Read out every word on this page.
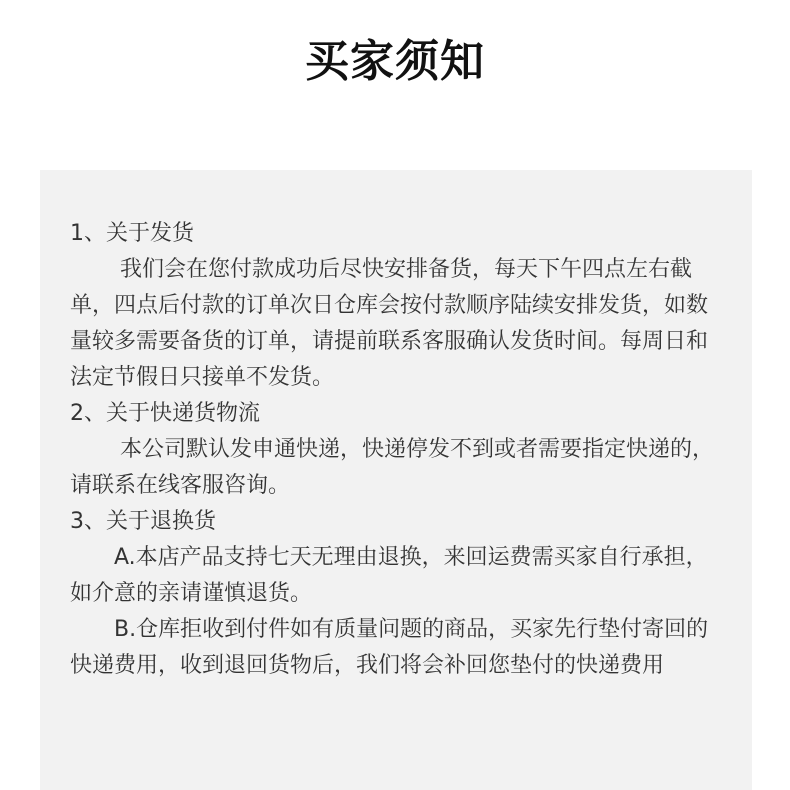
买家须知

1、关于发货

我们会在您付款成功后尽快安排备货，每天下午四点左右截单，四点后付款的订单次日仓库会按付款顺序陆续安排发货，如数量较多需要备货的订单，请提前联系客服确认发货时间。每周日和法定节假日只接单不发货。

2、关于快递货物流

本公司默认发申通快递，快递停发不到或者需要指定快递的，请联系在线客服咨询。

3、关于退换货

A.本店产品支持七天无理由退换，来回运费需买家自行承担，如介意的亲请谨慎退货。

B.仓库拒收到付件如有质量问题的商品，买家先行垫付寄回的快递费用，收到退回货物后，我们将会补回您垫付的快递费用
